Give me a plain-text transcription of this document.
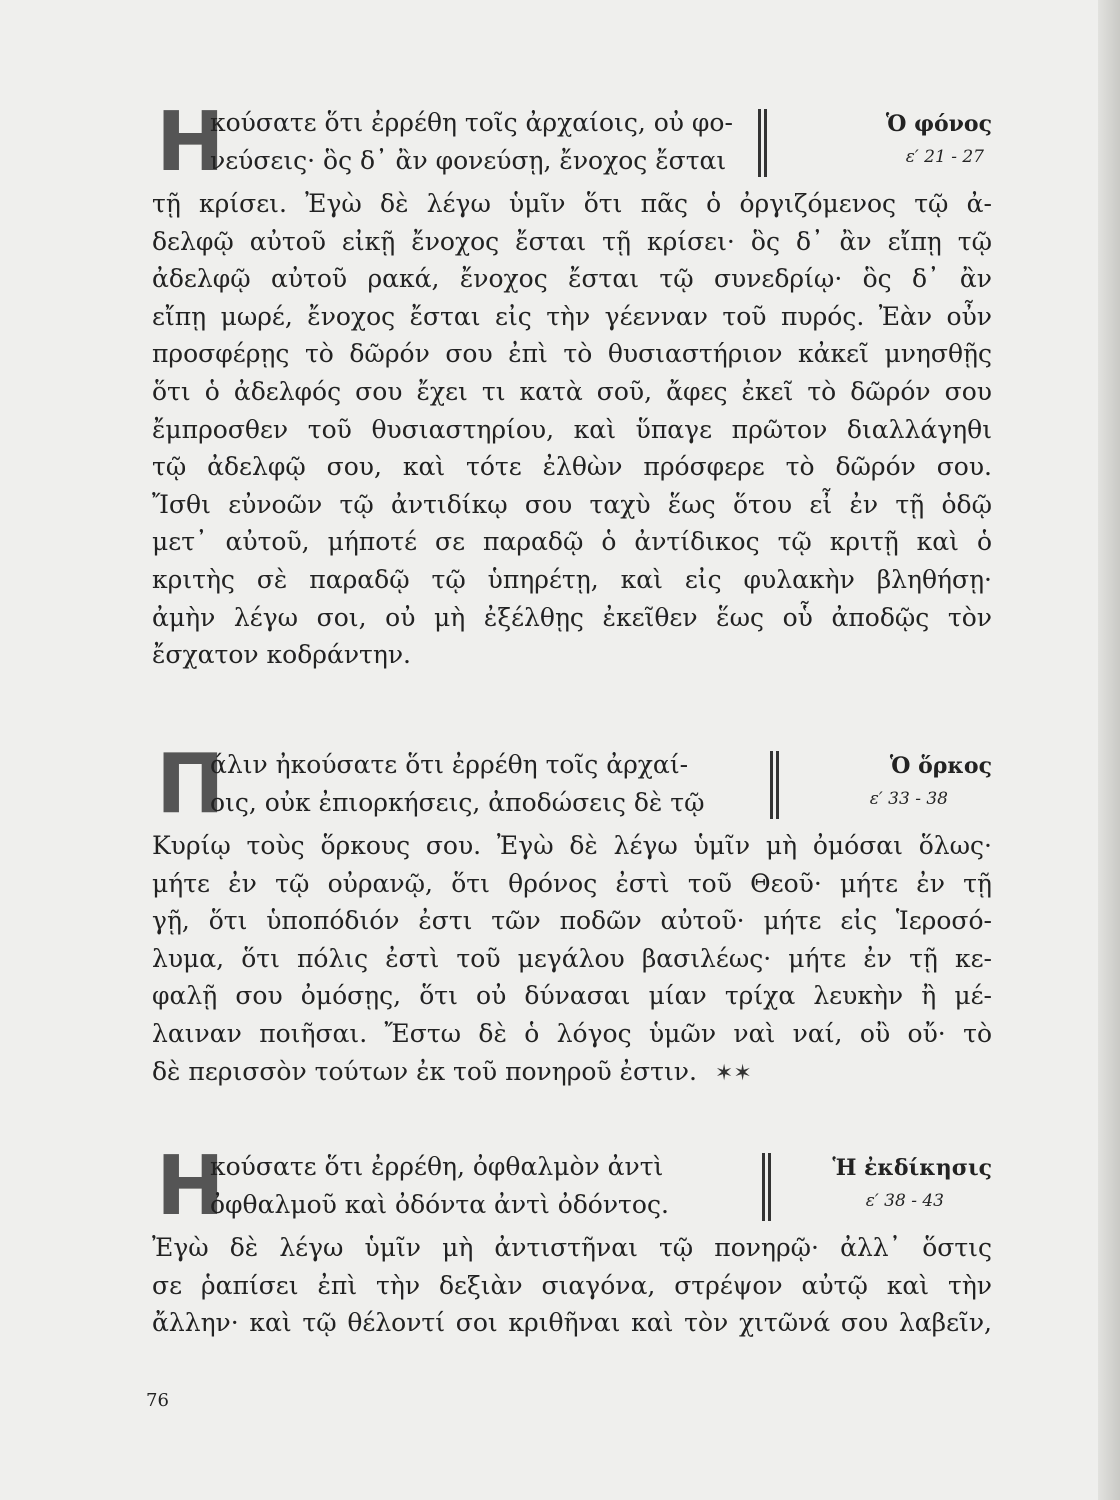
Η
κούσατε ὅτι ἐρρέθη τοῖς ἀρχαίοις, οὐ φο-
νεύσεις· ὃς δ᾽ ἂν φονεύσῃ, ἔνοχος ἔσται
Ὁ φόνος
ε′ 21 - 27
τῇ κρίσει. Ἐγὼ δὲ λέγω ὑμῖν ὅτι πᾶς ὁ ὀργιζόμενος τῷ ἀ-
δελφῷ αὐτοῦ εἰκῇ ἔνοχος ἔσται τῇ κρίσει· ὃς δ᾽ ἂν εἴπῃ τῷ
ἀδελφῷ αὐτοῦ ρακά, ἔνοχος ἔσται τῷ συνεδρίῳ· ὃς δ᾽ ἂν
εἴπῃ μωρέ, ἔνοχος ἔσται εἰς τὴν γέενναν τοῦ πυρός. Ἐὰν οὖν
προσφέρῃς τὸ δῶρόν σου ἐπὶ τὸ θυσιαστήριον κἀκεῖ μνησθῇς
ὅτι ὁ ἀδελφός σου ἔχει τι κατὰ σοῦ, ἄφες ἐκεῖ τὸ δῶρόν σου
ἔμπροσθεν τοῦ θυσιαστηρίου, καὶ ὕπαγε πρῶτον διαλλάγηθι
τῷ ἀδελφῷ σου, καὶ τότε ἐλθὼν πρόσφερε τὸ δῶρόν σου.
Ἴσθι εὐνοῶν τῷ ἀντιδίκῳ σου ταχὺ ἕως ὅτου εἶ ἐν τῇ ὁδῷ
μετ᾽ αὐτοῦ, μήποτέ σε παραδῷ ὁ ἀντίδικος τῷ κριτῇ καὶ ὁ
κριτὴς σὲ παραδῷ τῷ ὑπηρέτῃ, καὶ εἰς φυλακὴν βληθήσῃ·
ἀμὴν λέγω σοι, οὐ μὴ ἐξέλθῃς ἐκεῖθεν ἕως οὗ ἀποδῷς τὸν
ἔσχατον κοδράντην.
Π
άλιν ἠκούσατε ὅτι ἐρρέθη τοῖς ἀρχαί-
οις, οὐκ ἐπιορκήσεις, ἀποδώσεις δὲ τῷ
Ὁ ὅρκος
ε′ 33 - 38
Κυρίῳ τοὺς ὅρκους σου. Ἐγὼ δὲ λέγω ὑμῖν μὴ ὀμόσαι ὅλως·
μήτε ἐν τῷ οὐρανῷ, ὅτι θρόνος ἐστὶ τοῦ Θεοῦ· μήτε ἐν τῇ
γῇ, ὅτι ὑποπόδιόν ἐστι τῶν ποδῶν αὐτοῦ· μήτε εἰς Ἱεροσό-
λυμα, ὅτι πόλις ἐστὶ τοῦ μεγάλου βασιλέως· μήτε ἐν τῇ κε-
φαλῇ σου ὀμόσῃς, ὅτι οὐ δύνασαι μίαν τρίχα λευκὴν ἢ μέ-
λαιναν ποιῆσαι. Ἔστω δὲ ὁ λόγος ὑμῶν ναὶ ναί, οὒ οὔ· τὸ
δὲ περισσὸν τούτων ἐκ τοῦ πονηροῦ ἐστιν. ✶✶
Η
κούσατε ὅτι ἐρρέθη, ὀφθαλμὸν ἀντὶ
ὀφθαλμοῦ καὶ ὀδόντα ἀντὶ ὀδόντος.
Ἡ ἐκδίκησις
ε′ 38 - 43
Ἐγὼ δὲ λέγω ὑμῖν μὴ ἀντιστῆναι τῷ πονηρῷ· ἀλλ᾽ ὅστις
σε ῥαπίσει ἐπὶ τὴν δεξιὰν σιαγόνα, στρέψον αὐτῷ καὶ τὴν
ἄλλην· καὶ τῷ θέλοντί σοι κριθῆναι καὶ τὸν χιτῶνά σου λαβεῖν,
76
